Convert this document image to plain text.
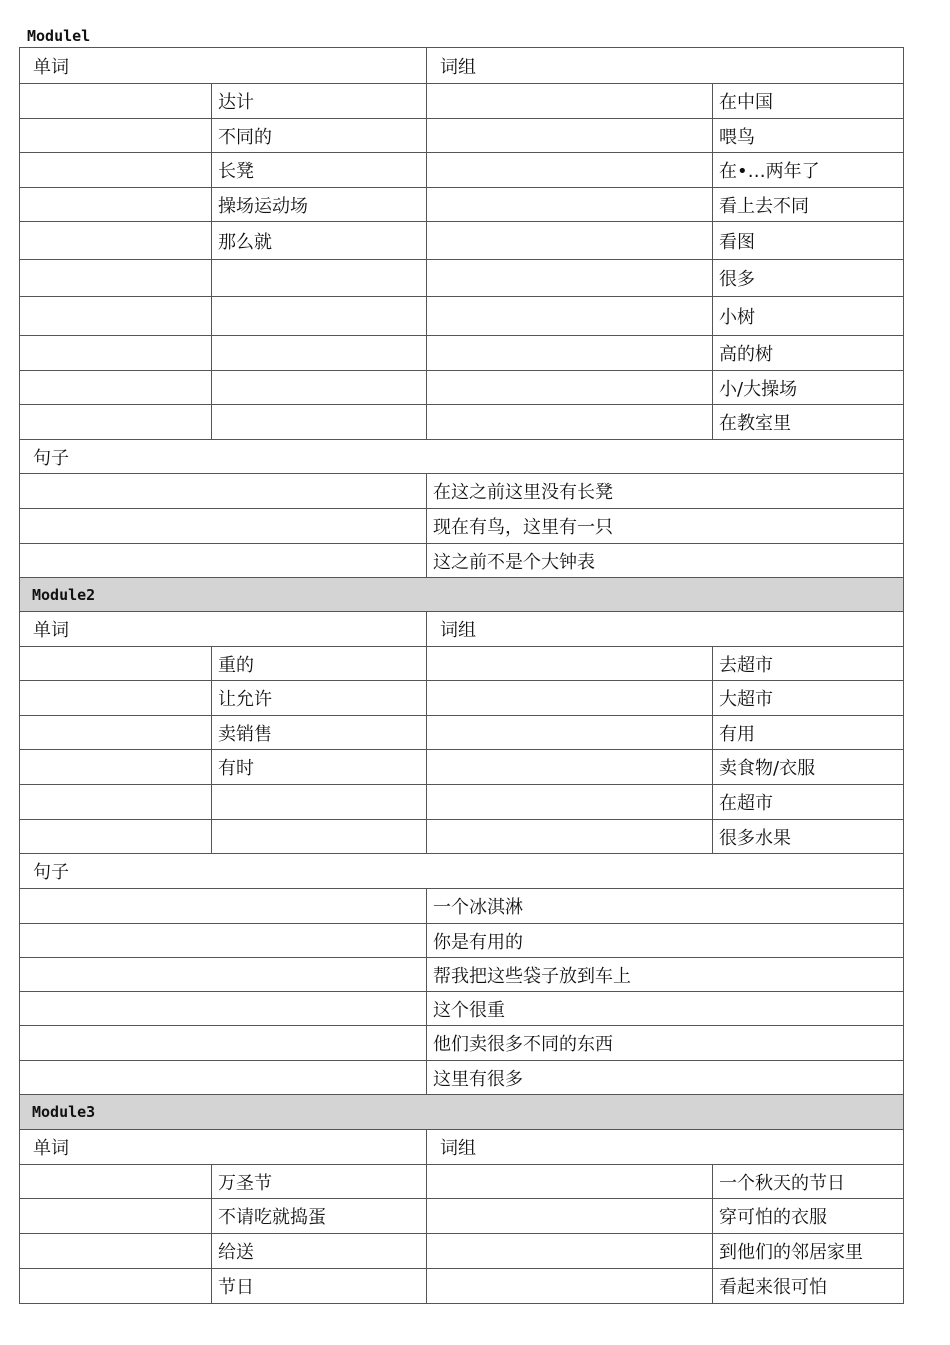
Modulel
单词		词组	
	达计		在中国
	不同的		喂鸟
	长凳		在•…两年了
	操场运动场		看上去不同
	那么就		看图
			很多
			小树
			高的树
			小/大操场
			在教室里
句子			
		在这之前这里没有长凳	
		现在有鸟，这里有一只	
		这之前不是个大钟表	
Module2			
单词		词组	
	重的		去超市
	让允许		大超市
	卖销售		有用
	有时		卖食物/衣服
			在超市
			很多水果
句子			
		一个冰淇淋	
		你是有用的	
		帮我把这些袋子放到车上	
		这个很重	
		他们卖很多不同的东西	
		这里有很多	
Module3			
单词		词组	
	万圣节		一个秋天的节日
	不请吃就捣蛋		穿可怕的衣服
	给送		到他们的邻居家里
	节日		看起来很可怕
